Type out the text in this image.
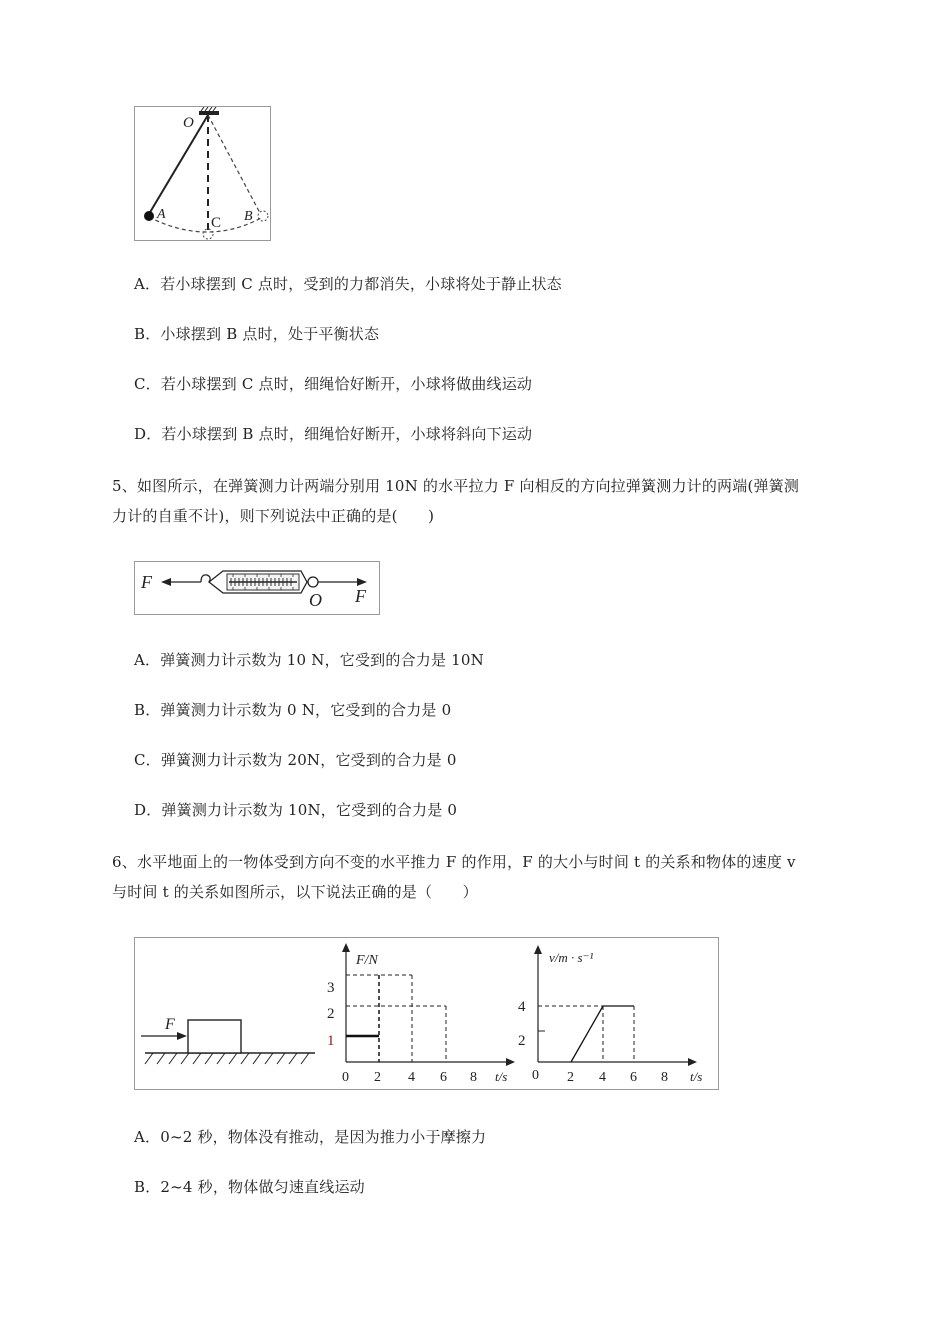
O
A
C B
A．若小球摆到 C 点时，受到的力都消失，小球将处于静止状态
B．小球摆到 B 点时，处于平衡状态
C．若小球摆到 C 点时，细绳恰好断开，小球将做曲线运动
D．若小球摆到 B 点时，细绳恰好断开，小球将斜向下运动
5、如图所示，在弹簧测力计两端分别用 10N 的水平拉力 F 向相反的方向拉弹簧测力计的两端(弹簧测
力计的自重不计)，则下列说法中正确的是(　　)
F
O F
A．弹簧测力计示数为 10 N，它受到的合力是 10N
B．弹簧测力计示数为 0 N，它受到的合力是 0
C．弹簧测力计示数为 20N，它受到的合力是 0
D．弹簧测力计示数为 10N，它受到的合力是 0
6、水平地面上的一物体受到方向不变的水平推力 F 的作用，F 的大小与时间 t 的关系和物体的速度 v
与时间 t 的关系如图所示，以下说法正确的是（　　）
F
F/N
t/s
3
2
1
0 2 4 6 8
v/m · s⁻¹
t/s
4
2
0 2 4 6 8
A．0~2 秒，物体没有推动，是因为推力小于摩擦力
B．2~4 秒，物体做匀速直线运动
